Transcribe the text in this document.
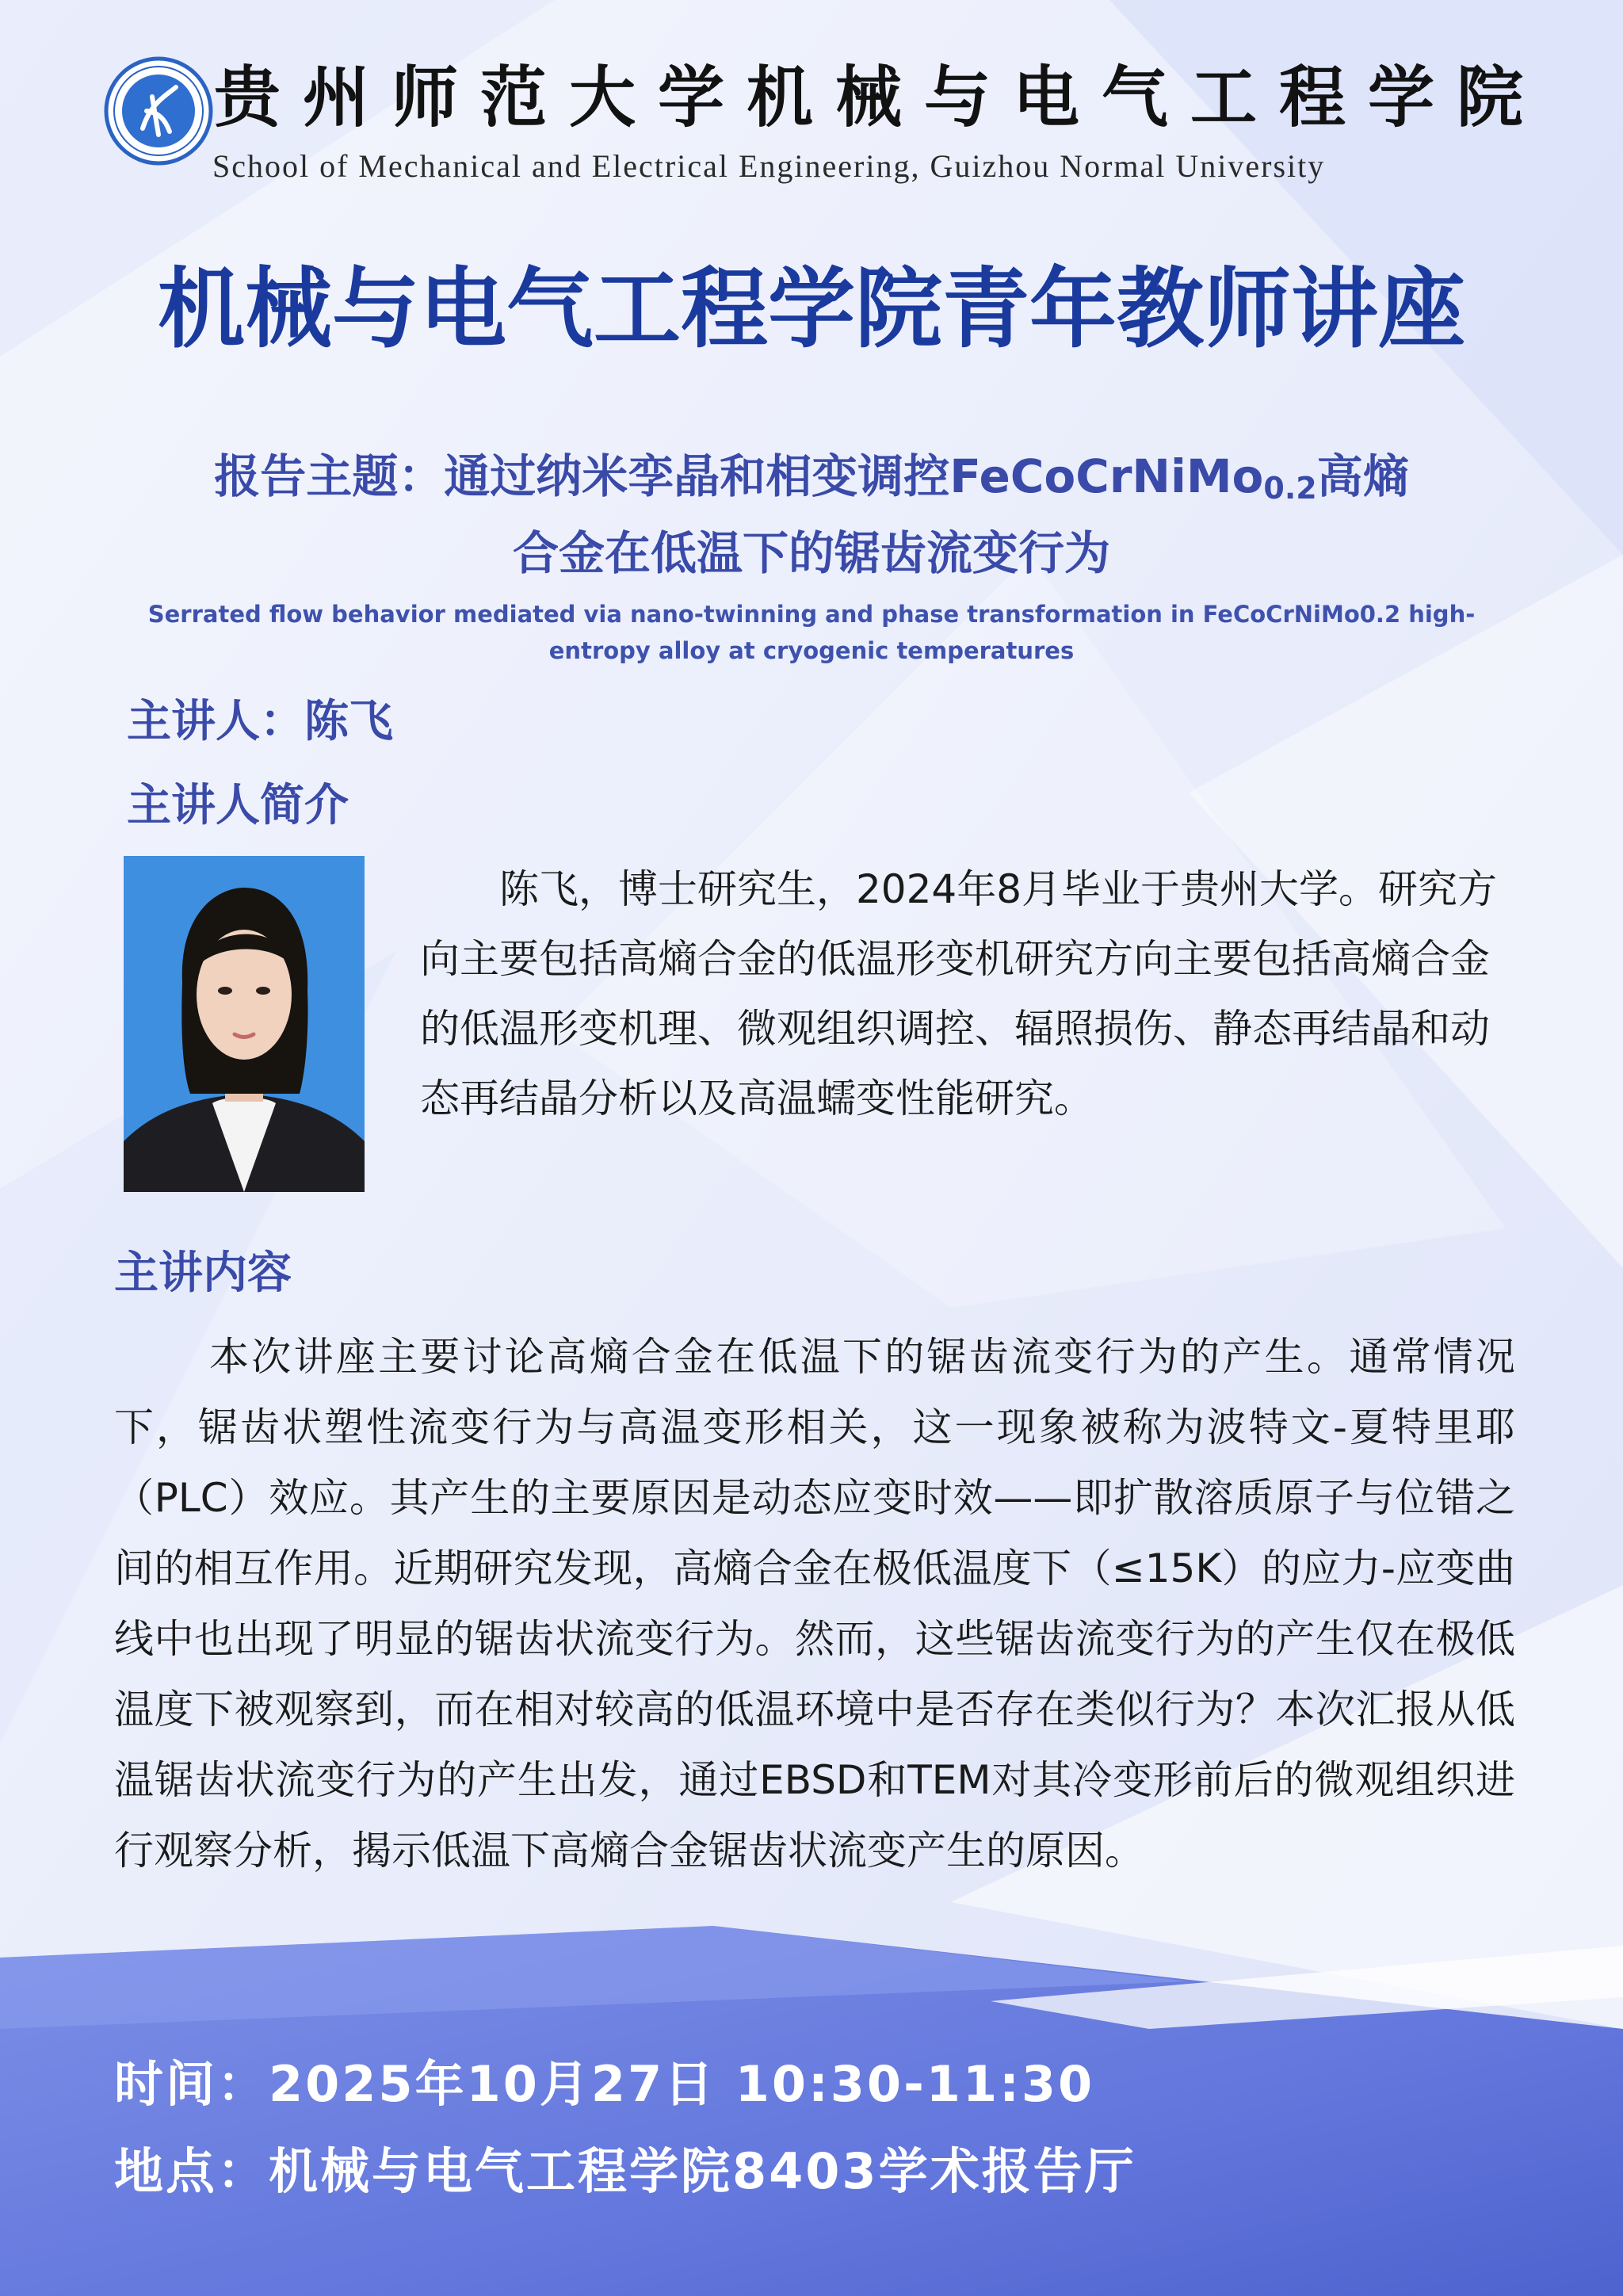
贵州师范大学机械与电气工程学院
School of Mechanical and Electrical Engineering, Guizhou Normal University
机械与电气工程学院青年教师讲座
报告主题：通过纳米孪晶和相变调控FeCoCrNiMo$_{0.2}$高熵
合金在低温下的锯齿流变行为
Serrated flow behavior mediated via nano-twinning and phase transformation in FeCoCrNiMo0.2 high-entropy alloy at cryogenic temperatures
主讲人：陈飞
主讲人简介
陈飞，博士研究生，2024年8月毕业于贵州大学。研究方向主要包括高熵合金的低温形变机研究方向主要包括高熵合金的低温形变机理、微观组织调控、辐照损伤、静态再结晶和动态再结晶分析以及高温蠕变性能研究。
主讲内容
本次讲座主要讨论高熵合金在低温下的锯齿流变行为的产生。通常情况下，锯齿状塑性流变行为与高温变形相关，这一现象被称为波特文-夏特里耶（PLC）效应。其产生的主要原因是动态应变时效——即扩散溶质原子与位错之间的相互作用。近期研究发现，高熵合金在极低温度下（≤15K）的应力-应变曲线中也出现了明显的锯齿状流变行为。然而，这些锯齿流变行为的产生仅在极低温度下被观察到，而在相对较高的低温环境中是否存在类似行为？本次汇报从低温锯齿状流变行为的产生出发，通过EBSD和TEM对其冷变形前后的微观组织进行观察分析，揭示低温下高熵合金锯齿状流变产生的原因。
时间：2025年10月27日 10:30-11:30
地点：机械与电气工程学院8403学术报告厅
